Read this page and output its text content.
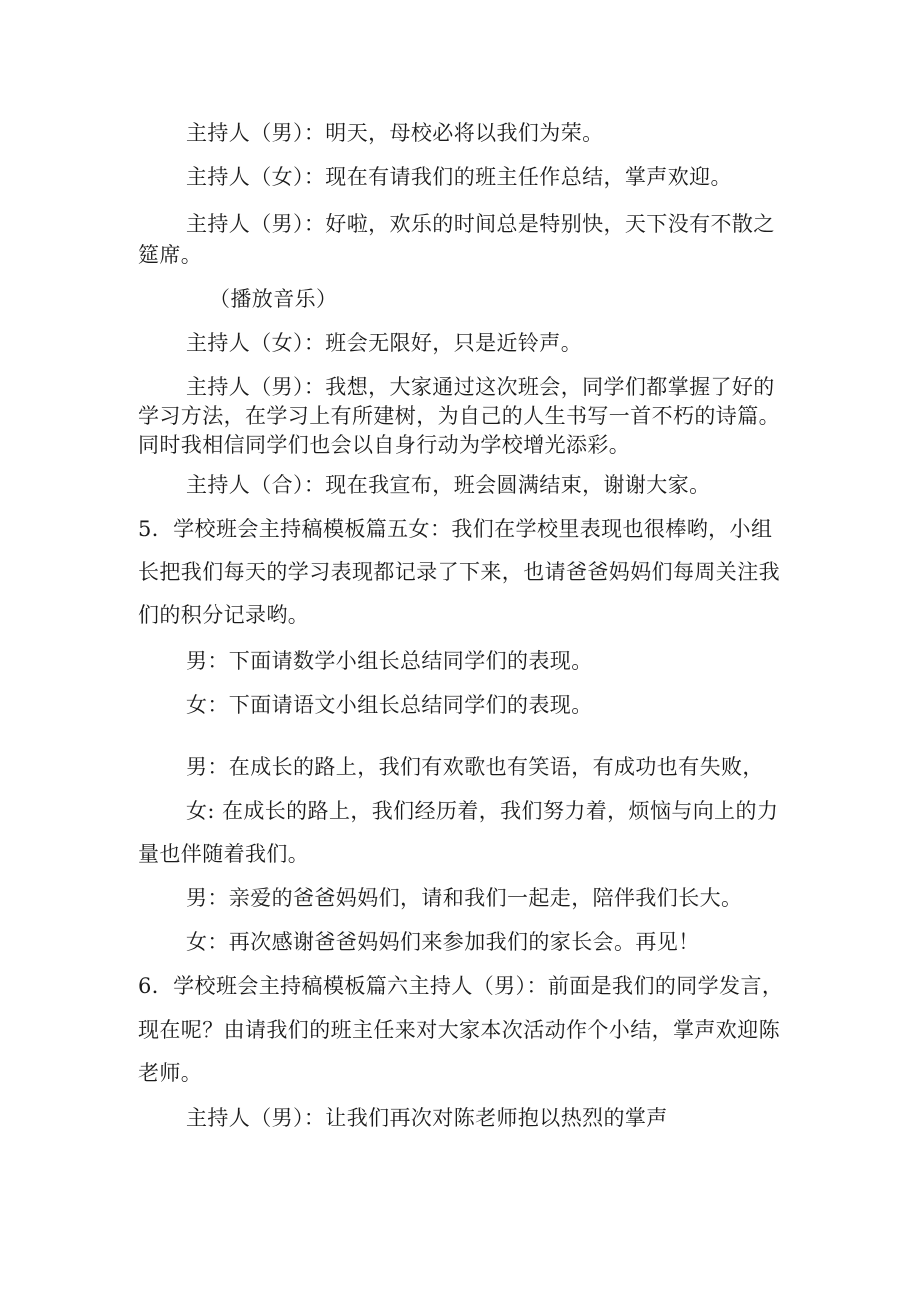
主持人（男）：明天，母校必将以我们为荣。
主持人（女）：现在有请我们的班主任作总结，掌声欢迎。
主持人（男）：好啦，欢乐的时间总是特别快，天下没有不散之
筵席。
（播放音乐）
主持人（女）：班会无限好，只是近铃声。
主持人（男）：我想，大家通过这次班会，同学们都掌握了好的
学习方法，在学习上有所建树，为自己的人生书写一首不朽的诗篇。
同时我相信同学们也会以自身行动为学校增光添彩。
主持人（合）：现在我宣布，班会圆满结束，谢谢大家。
5．学校班会主持稿模板篇五女：我们在学校里表现也很棒哟，小组
长把我们每天的学习表现都记录了下来，也请爸爸妈妈们每周关注我
们的积分记录哟。
男：下面请数学小组长总结同学们的表现。
女：下面请语文小组长总结同学们的表现。
男：在成长的路上，我们有欢歌也有笑语，有成功也有失败，
女: 在成长的路上，我们经历着，我们努力着，烦恼与向上的力
量也伴随着我们。
男：亲爱的爸爸妈妈们，请和我们一起走，陪伴我们长大。
女：再次感谢爸爸妈妈们来参加我们的家长会。再见！
6．学校班会主持稿模板篇六主持人（男）：前面是我们的同学发言，
现在呢？由请我们的班主任来对大家本次活动作个小结，掌声欢迎陈
老师。
主持人（男）：让我们再次对陈老师抱以热烈的掌声
